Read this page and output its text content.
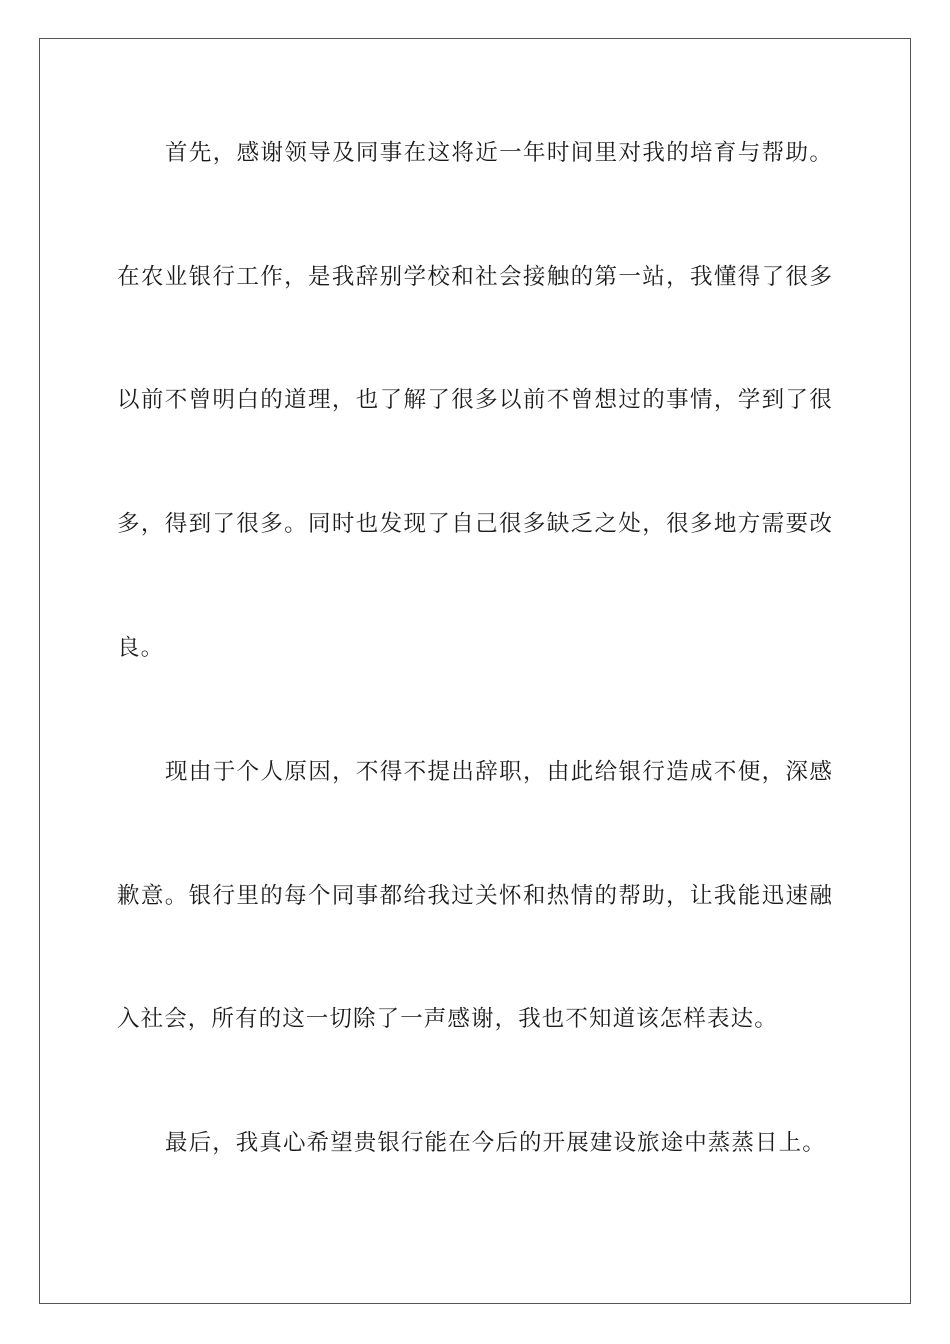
首先，感谢领导及同事在这将近一年时间里对我的培育与帮助。
在农业银行工作，是我辞别学校和社会接触的第一站，我懂得了很多
以前不曾明白的道理，也了解了很多以前不曾想过的事情，学到了很
多，得到了很多。同时也发现了自己很多缺乏之处，很多地方需要改
良。
现由于个人原因，不得不提出辞职，由此给银行造成不便，深感
歉意。银行里的每个同事都给我过关怀和热情的帮助，让我能迅速融
入社会，所有的这一切除了一声感谢，我也不知道该怎样表达。
最后，我真心希望贵银行能在今后的开展建设旅途中蒸蒸日上。
